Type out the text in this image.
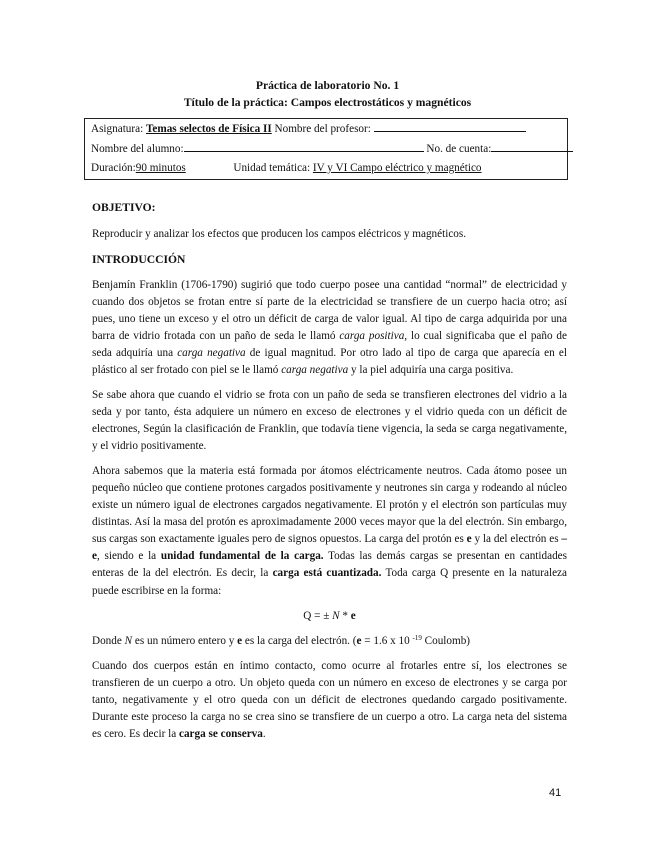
Práctica de laboratorio No. 1
Título de la práctica: Campos electrostáticos y magnéticos
Asignatura: Temas selectos de Física II Nombre del profesor:
Nombre del alumno:	No. de cuenta:
Duración:90 minutos	Unidad temática: IV y VI Campo eléctrico y magnético
OBJETIVO:

Reproducir y analizar los efectos que producen los campos eléctricos y magnéticos.

INTRODUCCIÓN

Benjamín Franklin (1706-1790) sugirió que todo cuerpo posee una cantidad “normal” de electricidad y cuando dos objetos se frotan entre sí parte de la electricidad se transfiere de un cuerpo hacia otro; así pues, uno tiene un exceso y el otro un déficit de carga de valor igual. Al tipo de carga adquirida por una barra de vidrio frotada con un paño de seda le llamó carga positiva, lo cual significaba que el paño de seda adquiría una carga negativa de igual magnitud. Por otro lado al tipo de carga que aparecía en el plástico al ser frotado con piel se le llamó carga negativa y la piel adquiría una carga positiva.

Se sabe ahora que cuando el vidrio se frota con un paño de seda se transfieren electrones del vidrio a la seda y por tanto, ésta adquiere un número en exceso de electrones y el vidrio queda con un déficit de electrones, Según la clasificación de Franklin, que todavía tiene vigencia, la seda se carga negativamente, y el vidrio positivamente.

Ahora sabemos que la materia está formada por átomos eléctricamente neutros. Cada átomo posee un pequeño núcleo que contiene protones cargados positivamente y neutrones sin carga y rodeando al núcleo existe un número igual de electrones cargados negativamente. El protón y el electrón son partículas muy distintas. Así la masa del protón es aproximadamente 2000 veces mayor que la del electrón. Sin embargo, sus cargas son exactamente iguales pero de signos opuestos. La carga del protón es e y la del electrón es –e, siendo e la unidad fundamental de la carga. Todas las demás cargas se presentan en cantidades enteras de la del electrón. Es decir, la carga está cuantizada. Toda carga Q presente en la naturaleza puede escribirse en la forma:

Q = ± N * e

Donde N es un número entero y e es la carga del electrón. (e = 1.6 x 10 $^{-19}$ Coulomb)

Cuando dos cuerpos están en íntimo contacto, como ocurre al frotarles entre sí, los electrones se transfieren de un cuerpo a otro. Un objeto queda con un número en exceso de electrones y se carga por tanto, negativamente y el otro queda con un déficit de electrones quedando cargado positivamente. Durante este proceso la carga no se crea sino se transfiere de un cuerpo a otro. La carga neta del sistema es cero. Es decir la carga se conserva.

41
